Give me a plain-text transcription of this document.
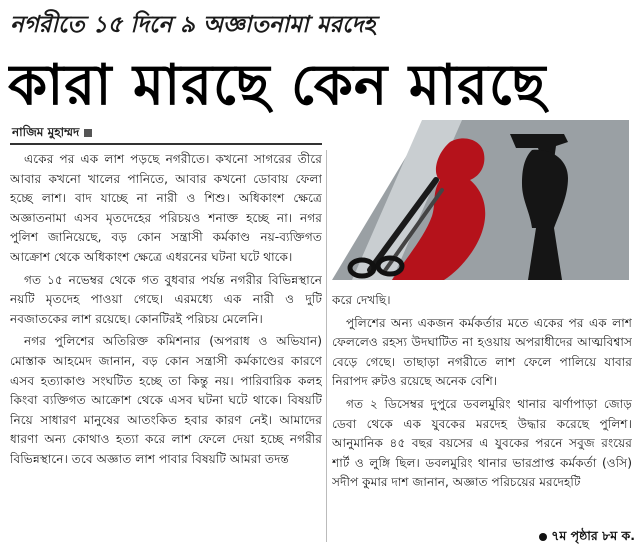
নগরীতে ১৫ দিনে ৯ অজ্ঞাতনামা মরদেহ
কারা মারছে কেন মারছে
নাজিম মুহাম্মদ

একের পর এক লাশ পড়ছে নগরীতে। কখনো সাগরের তীরে আবার কখনো খালের পানিতে, আবার কখনো ডোবায় ফেলা হচ্ছে লাশ। বাদ যাচ্ছে না নারী ও শিশু। অধিকাংশ ক্ষেত্রে অজ্ঞাতনামা এসব মৃতদেহের পরিচয়ও শনাক্ত হচ্ছে না। নগর পুলিশ জানিয়েছে, বড় কোন সন্ত্রাসী কর্মকাণ্ড নয়-ব্যক্তিগত আক্রোশ থেকে অধিকাংশ ক্ষেত্রে এধরনের ঘটনা ঘটে থাকে।

গত ১৫ নভেম্বর থেকে গত বুধবার পর্যন্ত নগরীর বিভিন্নস্থানে নয়টি মৃতদেহ পাওয়া গেছে। এরমধ্যে এক নারী ও দুটি নবজাতকের লাশ রয়েছে। কোনটিরই পরিচয় মেলেনি।

নগর পুলিশের অতিরিক্ত কমিশনার (অপরাধ ও অভিযান) মোস্তাক আহমেদ জানান, বড় কোন সন্ত্রাসী কর্মকাণ্ডের কারণে এসব হত্যাকাণ্ড সংঘটিত হচ্ছে তা কিন্তু নয়। পারিবারিক কলহ কিংবা ব্যক্তিগত আক্রোশ থেকে এসব ঘটনা ঘটে থাকে। বিষয়টি নিয়ে সাধারণ মানুষের আতংকিত হবার কারণ নেই। আমাদের ধারণা অন্য কোথাও হত্যা করে লাশ ফেলে দেয়া হচ্ছে নগরীর বিভিন্নস্থানে। তবে অজ্ঞাত লাশ পাবার বিষয়টি আমরা তদন্ত

করে দেখছি।

পুলিশের অন্য একজন কর্মকর্তার মতে একের পর এক লাশ ফেললেও রহস্য উদঘাটিত না হওয়ায় অপরাধীদের আত্মবিশ্বাস বেড়ে গেছে। তাছাড়া নগরীতে লাশ ফেলে পালিয়ে যাবার নিরাপদ রুটও রয়েছে অনেক বেশি।

গত ২ ডিসেম্বর দুপুরে ডবলমুরিং থানার ঝর্ণাপাড়া জোড় ডেবা থেকে এক যুবকের মরদেহ উদ্ধার করেছে পুলিশ। আনুমানিক ৪৫ বছর বয়সের এ যুবকের পরনে সবুজ রংয়ের শার্ট ও লুঙ্গি ছিল। ডবলমুরিং থানার ভারপ্রাপ্ত কর্মকর্তা (ওসি) সদীপ কুমার দাশ জানান, অজ্ঞাত পরিচয়ের মরদেহটি

৭ম পৃষ্ঠার ৮ম ক.
